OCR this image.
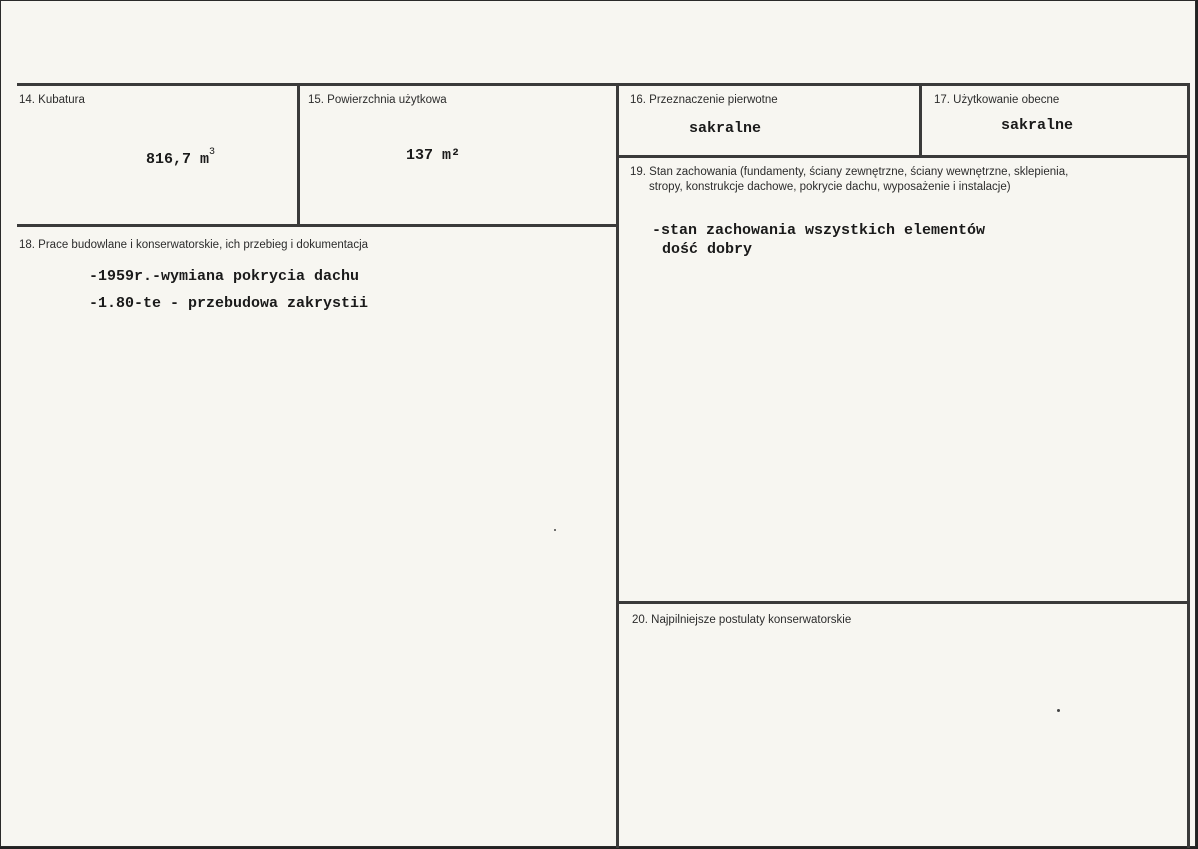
14. Kubatura
816,7 $m^3$
15. Powierzchnia użytkowa
137 m²
16. Przeznaczenie pierwotne
sakralne
17. Użytkowanie obecne
sakralne
18. Prace budowlane i konserwatorskie, ich przebieg i dokumentacja
-1959r.-wymiana pokrycia dachu
-1.80-te - przebudowa zakrystii
19. Stan zachowania (fundamenty, ściany zewnętrzne, ściany wewnętrzne, sklepienia,
stropy, konstrukcje dachowe, pokrycie dachu, wyposażenie i instalacje)
-stan zachowania wszystkich elementów
dość dobry
20. Najpilniejsze postulaty konserwatorskie
